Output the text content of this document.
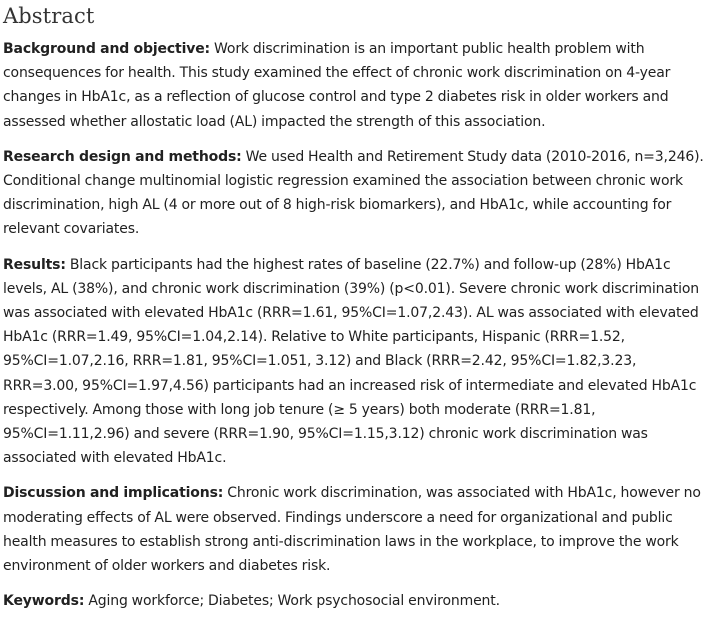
Abstract

Background and objective: Work discrimination is an important public health problem with consequences for health. This study examined the effect of chronic work discrimination on 4-year changes in HbA1c, as a reflection of glucose control and type 2 diabetes risk in older workers and assessed whether allostatic load (AL) impacted the strength of this association.

Research design and methods: We used Health and Retirement Study data (2010-2016, n=3,246). Conditional change multinomial logistic regression examined the association between chronic work discrimination, high AL (4 or more out of 8 high-risk biomarkers), and HbA1c, while accounting for relevant covariates.

Results: Black participants had the highest rates of baseline (22.7%) and follow-up (28%) HbA1c levels, AL (38%), and chronic work discrimination (39%) (p<0.01). Severe chronic work discrimination was associated with elevated HbA1c (RRR=1.61, 95%CI=1.07,2.43). AL was associated with elevated HbA1c (RRR=1.49, 95%CI=1.04,2.14). Relative to White participants, Hispanic (RRR=1.52, 95%CI=1.07,2.16, RRR=1.81, 95%CI=1.051, 3.12) and Black (RRR=2.42, 95%CI=1.82,3.23, RRR=3.00, 95%CI=1.97,4.56) participants had an increased risk of intermediate and elevated HbA1c respectively. Among those with long job tenure (≥ 5 years) both moderate (RRR=1.81, 95%CI=1.11,2.96) and severe (RRR=1.90, 95%CI=1.15,3.12) chronic work discrimination was associated with elevated HbA1c.

Discussion and implications: Chronic work discrimination, was associated with HbA1c, however no moderating effects of AL were observed. Findings underscore a need for organizational and public health measures to establish strong anti-discrimination laws in the workplace, to improve the work environment of older workers and diabetes risk.

Keywords: Aging workforce; Diabetes; Work psychosocial environment.
